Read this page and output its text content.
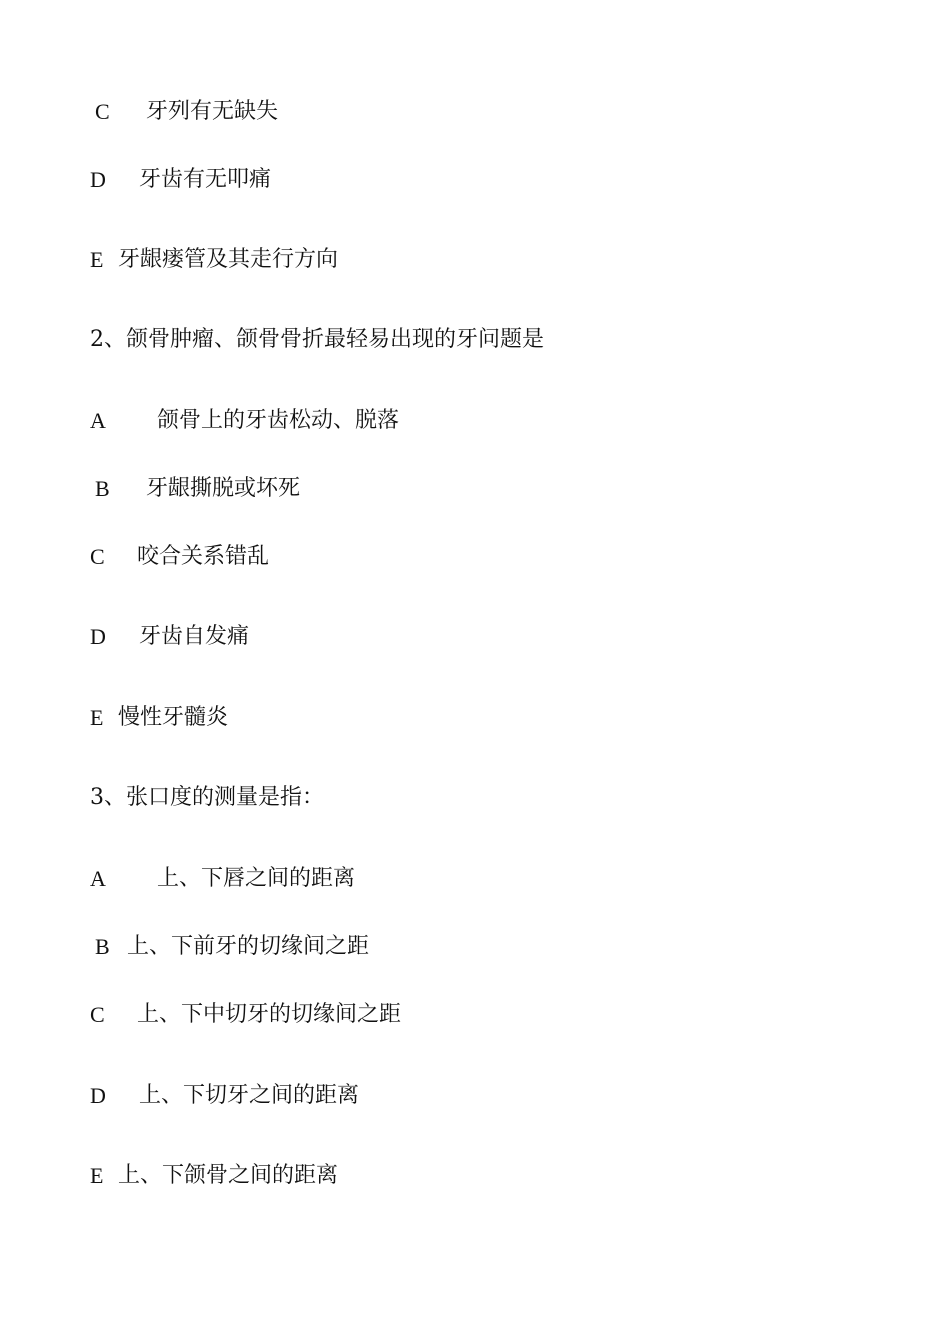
C

牙列有无缺失

D

牙齿有无叩痛

E

牙龈瘘管及其走行方向

2、颌骨肿瘤、颌骨骨折最轻易出现的牙问题是

A

颌骨上的牙齿松动、脱落

B

牙龈撕脱或坏死

C

咬合关系错乱

D

牙齿自发痛

E

慢性牙髓炎

3、张口度的测量是指：

A

上、下唇之间的距离

B

上、下前牙的切缘间之距

C

上、下中切牙的切缘间之距

D

上、下切牙之间的距离

E

上、下颌骨之间的距离
